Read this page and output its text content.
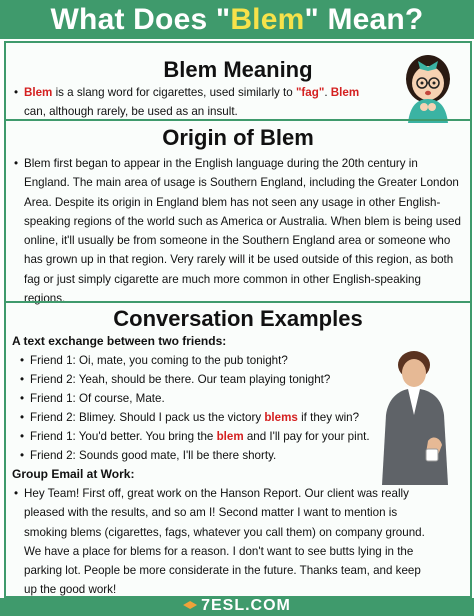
What Does " Blem " Mean?
Blem Meaning
• Blem is a slang word for cigarettes, used similarly to "fag". Blem can, although rarely, be used as an insult.
Origin of Blem
• Blem first began to appear in the English language during the 20th century in England. The main area of usage is Southern England, including the Greater London Area. Despite its origin in England blem has not seen any usage in other English-speaking regions of the world such as America or Australia. When blem is being used online, it'll usually be from someone in the Southern England area or someone who has grown up in that region. Very rarely will it be used outside of this region, as both fag or just simply cigarette are much more common in other English-speaking regions.
Conversation Examples
A text exchange between two friends:
• Friend 1: Oi, mate, you coming to the pub tonight?
• Friend 2: Yeah, should be there. Our team playing tonight?
• Friend 1: Of course, Mate.
• Friend 2: Blimey. Should I pack us the victory blems if they win?
• Friend 1: You'd better. You bring the blem and I'll pay for your pint.
• Friend 2: Sounds good mate, I'll be there shorty.
Group Email at Work:
• Hey Team! First off, great work on the Hanson Report. Our client was really pleased with the results, and so am I! Second matter I want to mention is smoking blems (cigarettes, fags, whatever you call them) on company ground. We have a place for blems for a reason. I don't want to see butts lying in the parking lot. People be more considerate in the future. Thanks team, and keep up the good work!
7ESL.COM
